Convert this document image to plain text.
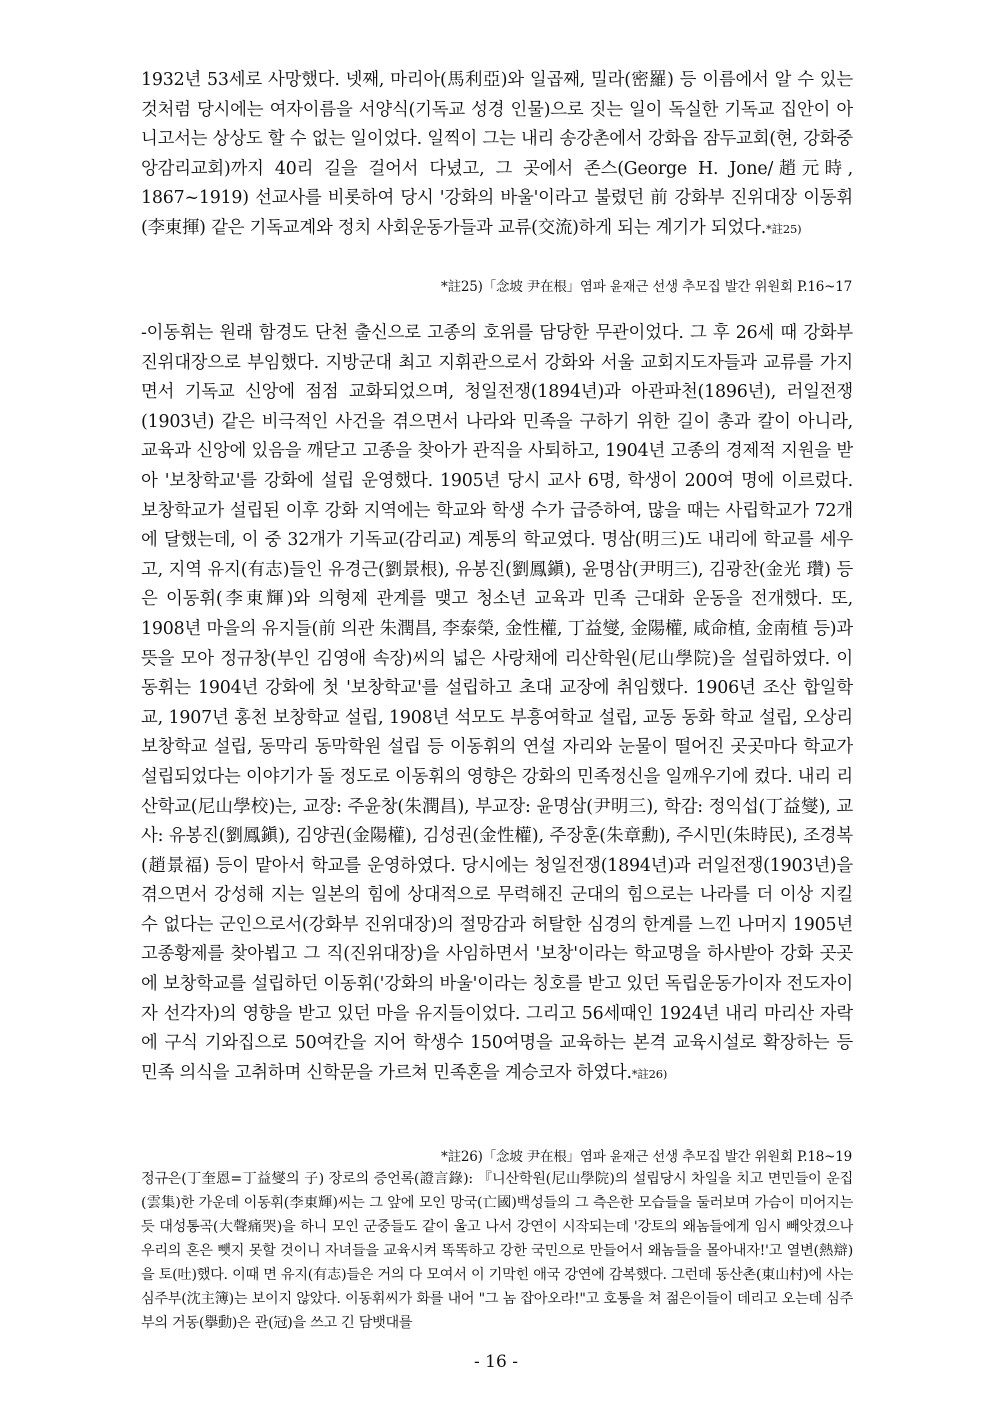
1932년 53세로 사망했다. 넷째, 마리아(馬利亞)와 일곱째, 밀라(密羅) 등 이름에서 알 수 있는 것처럼 당시에는 여자이름을 서양식(기독교 성경 인물)으로 짓는 일이 독실한 기독교 집안이 아니고서는 상상도 할 수 없는 일이었다. 일찍이 그는 내리 송강촌에서 강화읍 잠두교회(현, 강화중앙감리교회)까지 40리 길을 걸어서 다녔고, 그 곳에서 존스(George H. Jone/趙元時, 1867~1919) 선교사를 비롯하여 당시 '강화의 바울'이라고 불렸던 前 강화부 진위대장 이동휘(李東揮) 같은 기독교계와 정치 사회운동가들과 교류(交流)하게 되는 계기가 되었다.*註25)

*註25)「念坡 尹在根」염파 윤재근 선생 추모집 발간 위원회 P.16~17

-이동휘는 원래 함경도 단천 출신으로 고종의 호위를 담당한 무관이었다. 그 후 26세 때 강화부 진위대장으로 부임했다. 지방군대 최고 지휘관으로서 강화와 서울 교회지도자들과 교류를 가지면서 기독교 신앙에 점점 교화되었으며, 청일전쟁(1894년)과 아관파천(1896년), 러일전쟁(1903년) 같은 비극적인 사건을 겪으면서 나라와 민족을 구하기 위한 길이 총과 칼이 아니라, 교육과 신앙에 있음을 깨닫고 고종을 찾아가 관직을 사퇴하고, 1904년 고종의 경제적 지원을 받아 '보창학교'를 강화에 설립 운영했다. 1905년 당시 교사 6명, 학생이 200여 명에 이르렀다. 보창학교가 설립된 이후 강화 지역에는 학교와 학생 수가 급증하여, 많을 때는 사립학교가 72개에 달했는데, 이 중 32개가 기독교(감리교) 계통의 학교였다. 명삼(明三)도 내리에 학교를 세우고, 지역 유지(有志)들인 유경근(劉景根), 유봉진(劉鳳鎭), 윤명삼(尹明三), 김광찬(金光 瓚) 등은 이동휘(李東輝)와 의형제 관계를 맺고 청소년 교육과 민족 근대화 운동을 전개했다. 또, 1908년 마을의 유지들(前 의관 朱潤昌, 李泰榮, 金性權, 丁益燮, 金陽權, 咸命植, 金南植 등)과 뜻을 모아 정규창(부인 김영애 속장)씨의 넓은 사랑채에 리산학원(尼山學院)을 설립하였다. 이동휘는 1904년 강화에 첫 '보창학교'를 설립하고 초대 교장에 취임했다. 1906년 조산 합일학교, 1907년 홍천 보창학교 설립, 1908년 석모도 부흥여학교 설립, 교동 동화 학교 설립, 오상리 보창학교 설립, 동막리 동막학원 설립 등 이동휘의 연설 자리와 눈물이 떨어진 곳곳마다 학교가 설립되었다는 이야기가 돌 정도로 이동휘의 영향은 강화의 민족정신을 일깨우기에 컸다. 내리 리산학교(尼山學校)는, 교장: 주윤창(朱潤昌), 부교장: 윤명삼(尹明三), 학감: 정익섭(丁益燮), 교사: 유봉진(劉鳳鎭), 김양권(金陽權), 김성권(金性權), 주장훈(朱章勳), 주시민(朱時民), 조경복(趙景福) 등이 맡아서 학교를 운영하였다. 당시에는 청일전쟁(1894년)과 러일전쟁(1903년)을 겪으면서 강성해 지는 일본의 힘에 상대적으로 무력해진 군대의 힘으로는 나라를 더 이상 지킬 수 없다는 군인으로서(강화부 진위대장)의 절망감과 허탈한 심경의 한계를 느낀 나머지 1905년 고종황제를 찾아뵙고 그 직(진위대장)을 사임하면서 '보창'이라는 학교명을 하사받아 강화 곳곳에 보창학교를 설립하던 이동휘('강화의 바울'이라는 칭호를 받고 있던 독립운동가이자 전도자이자 선각자)의 영향을 받고 있던 마을 유지들이었다. 그리고 56세때인 1924년 내리 마리산 자락에 구식 기와집으로 50여칸을 지어 학생수 150여명을 교육하는 본격 교육시설로 확장하는 등 민족 의식을 고취하며 신학문을 가르쳐 민족혼을 계승코자 하였다.*註26)

*註26)「念坡 尹在根」염파 윤재근 선생 추모집 발간 위원회 P.18~19

정규은(丁奎恩=丁益燮의 子) 장로의 증언록(證言錄): 『니산학원(尼山學院)의 설립당시 차일을 치고 면민들이 운집(雲集)한 가운데 이동휘(李東輝)씨는 그 앞에 모인 망국(亡國)백성들의 그 측은한 모습들을 둘러보며 가슴이 미어지는 듯 대성통곡(大聲痛哭)을 하니 모인 군중들도 같이 울고 나서 강연이 시작되는데 '강토의 왜놈들에게 임시 빼앗겼으나 우리의 혼은 뺏지 못할 것이니 자녀들을 교육시켜 똑똑하고 강한 국민으로 만들어서 왜놈들을 몰아내자!'고 열변(熱辯)을 토(吐)했다. 이때 면 유지(有志)들은 거의 다 모여서 이 기막힌 애국 강연에 감복했다. 그런데 동산촌(東山村)에 사는 심주부(沈主簿)는 보이지 않았다. 이동휘씨가 화를 내어 "그 놈 잡아오라!"고 호통을 쳐 젊은이들이 데리고 오는데 심주부의 거동(擧動)은 관(冠)을 쓰고 긴 담뱃대를

- 16 -
